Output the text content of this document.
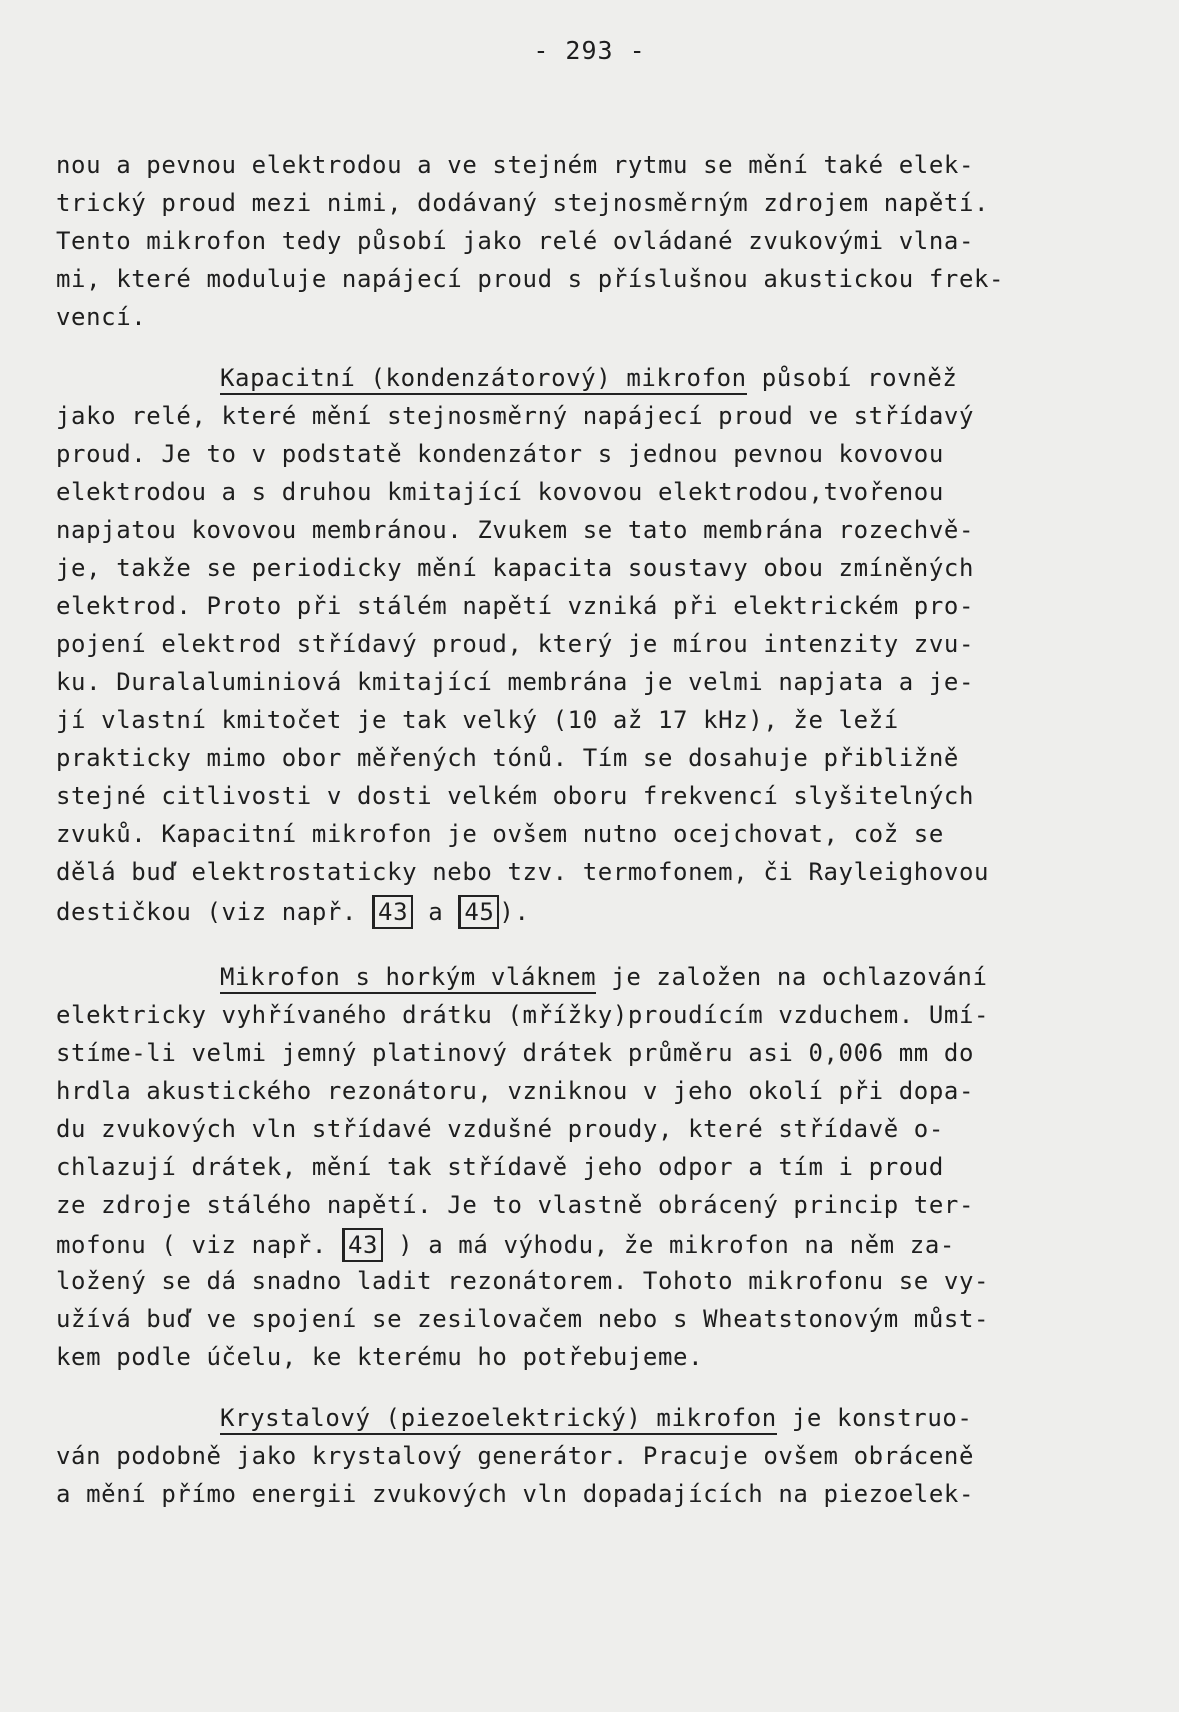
- 293 -
nou a pevnou elektrodou a ve stejném rytmu se mění také elek-
trický proud mezi nimi, dodávaný stejnosměrným zdrojem napětí.
Tento mikrofon tedy působí jako relé ovládané zvukovými vlna-
mi, které moduluje napájecí proud s příslušnou akustickou frek-
vencí.
Kapacitní (kondenzátorový) mikrofon působí rovněž
jako relé, které mění stejnosměrný napájecí proud ve střídavý
proud. Je to v podstatě kondenzátor s jednou pevnou kovovou
elektrodou a s druhou kmitající kovovou elektrodou,tvořenou
napjatou kovovou membránou. Zvukem se tato membrána rozechvě-
je, takže se periodicky mění kapacita soustavy obou zmíněných
elektrod. Proto při stálém napětí vzniká při elektrickém pro-
pojení elektrod střídavý proud, který je mírou intenzity zvu-
ku. Duralaluminiová kmitající membrána je velmi napjata a je-
jí vlastní kmitočet je tak velký (10 až 17 kHz), že leží
prakticky mimo obor měřených tónů. Tím se dosahuje přibližně
stejné citlivosti v dosti velkém oboru frekvencí slyšitelných
zvuků. Kapacitní mikrofon je ovšem nutno ocejchovat, což se
dělá buď elektrostaticky nebo tzv. termofonem, či Rayleighovou
destičkou (viz např. 43 a 45 ).
Mikrofon s horkým vláknem je založen na ochlazování
elektricky vyhřívaného drátku (mřížky)proudícím vzduchem. Umí-
stíme-li velmi jemný platinový drátek průměru asi 0,006 mm do
hrdla akustického rezonátoru, vzniknou v jeho okolí při dopa-
du zvukových vln střídavé vzdušné proudy, které střídavě o-
chlazují drátek, mění tak střídavě jeho odpor a tím i proud
ze zdroje stálého napětí. Je to vlastně obrácený princip ter-
mofonu ( viz např. 43 ) a má výhodu, že mikrofon na něm za-
ložený se dá snadno ladit rezonátorem. Tohoto mikrofonu se vy-
užívá buď ve spojení se zesilovačem nebo s Wheatstonovým můst-
kem podle účelu, ke kterému ho potřebujeme.
Krystalový (piezoelektrický) mikrofon je konstruo-
ván podobně jako krystalový generátor. Pracuje ovšem obráceně
a mění přímo energii zvukových vln dopadajících na piezoelek-
